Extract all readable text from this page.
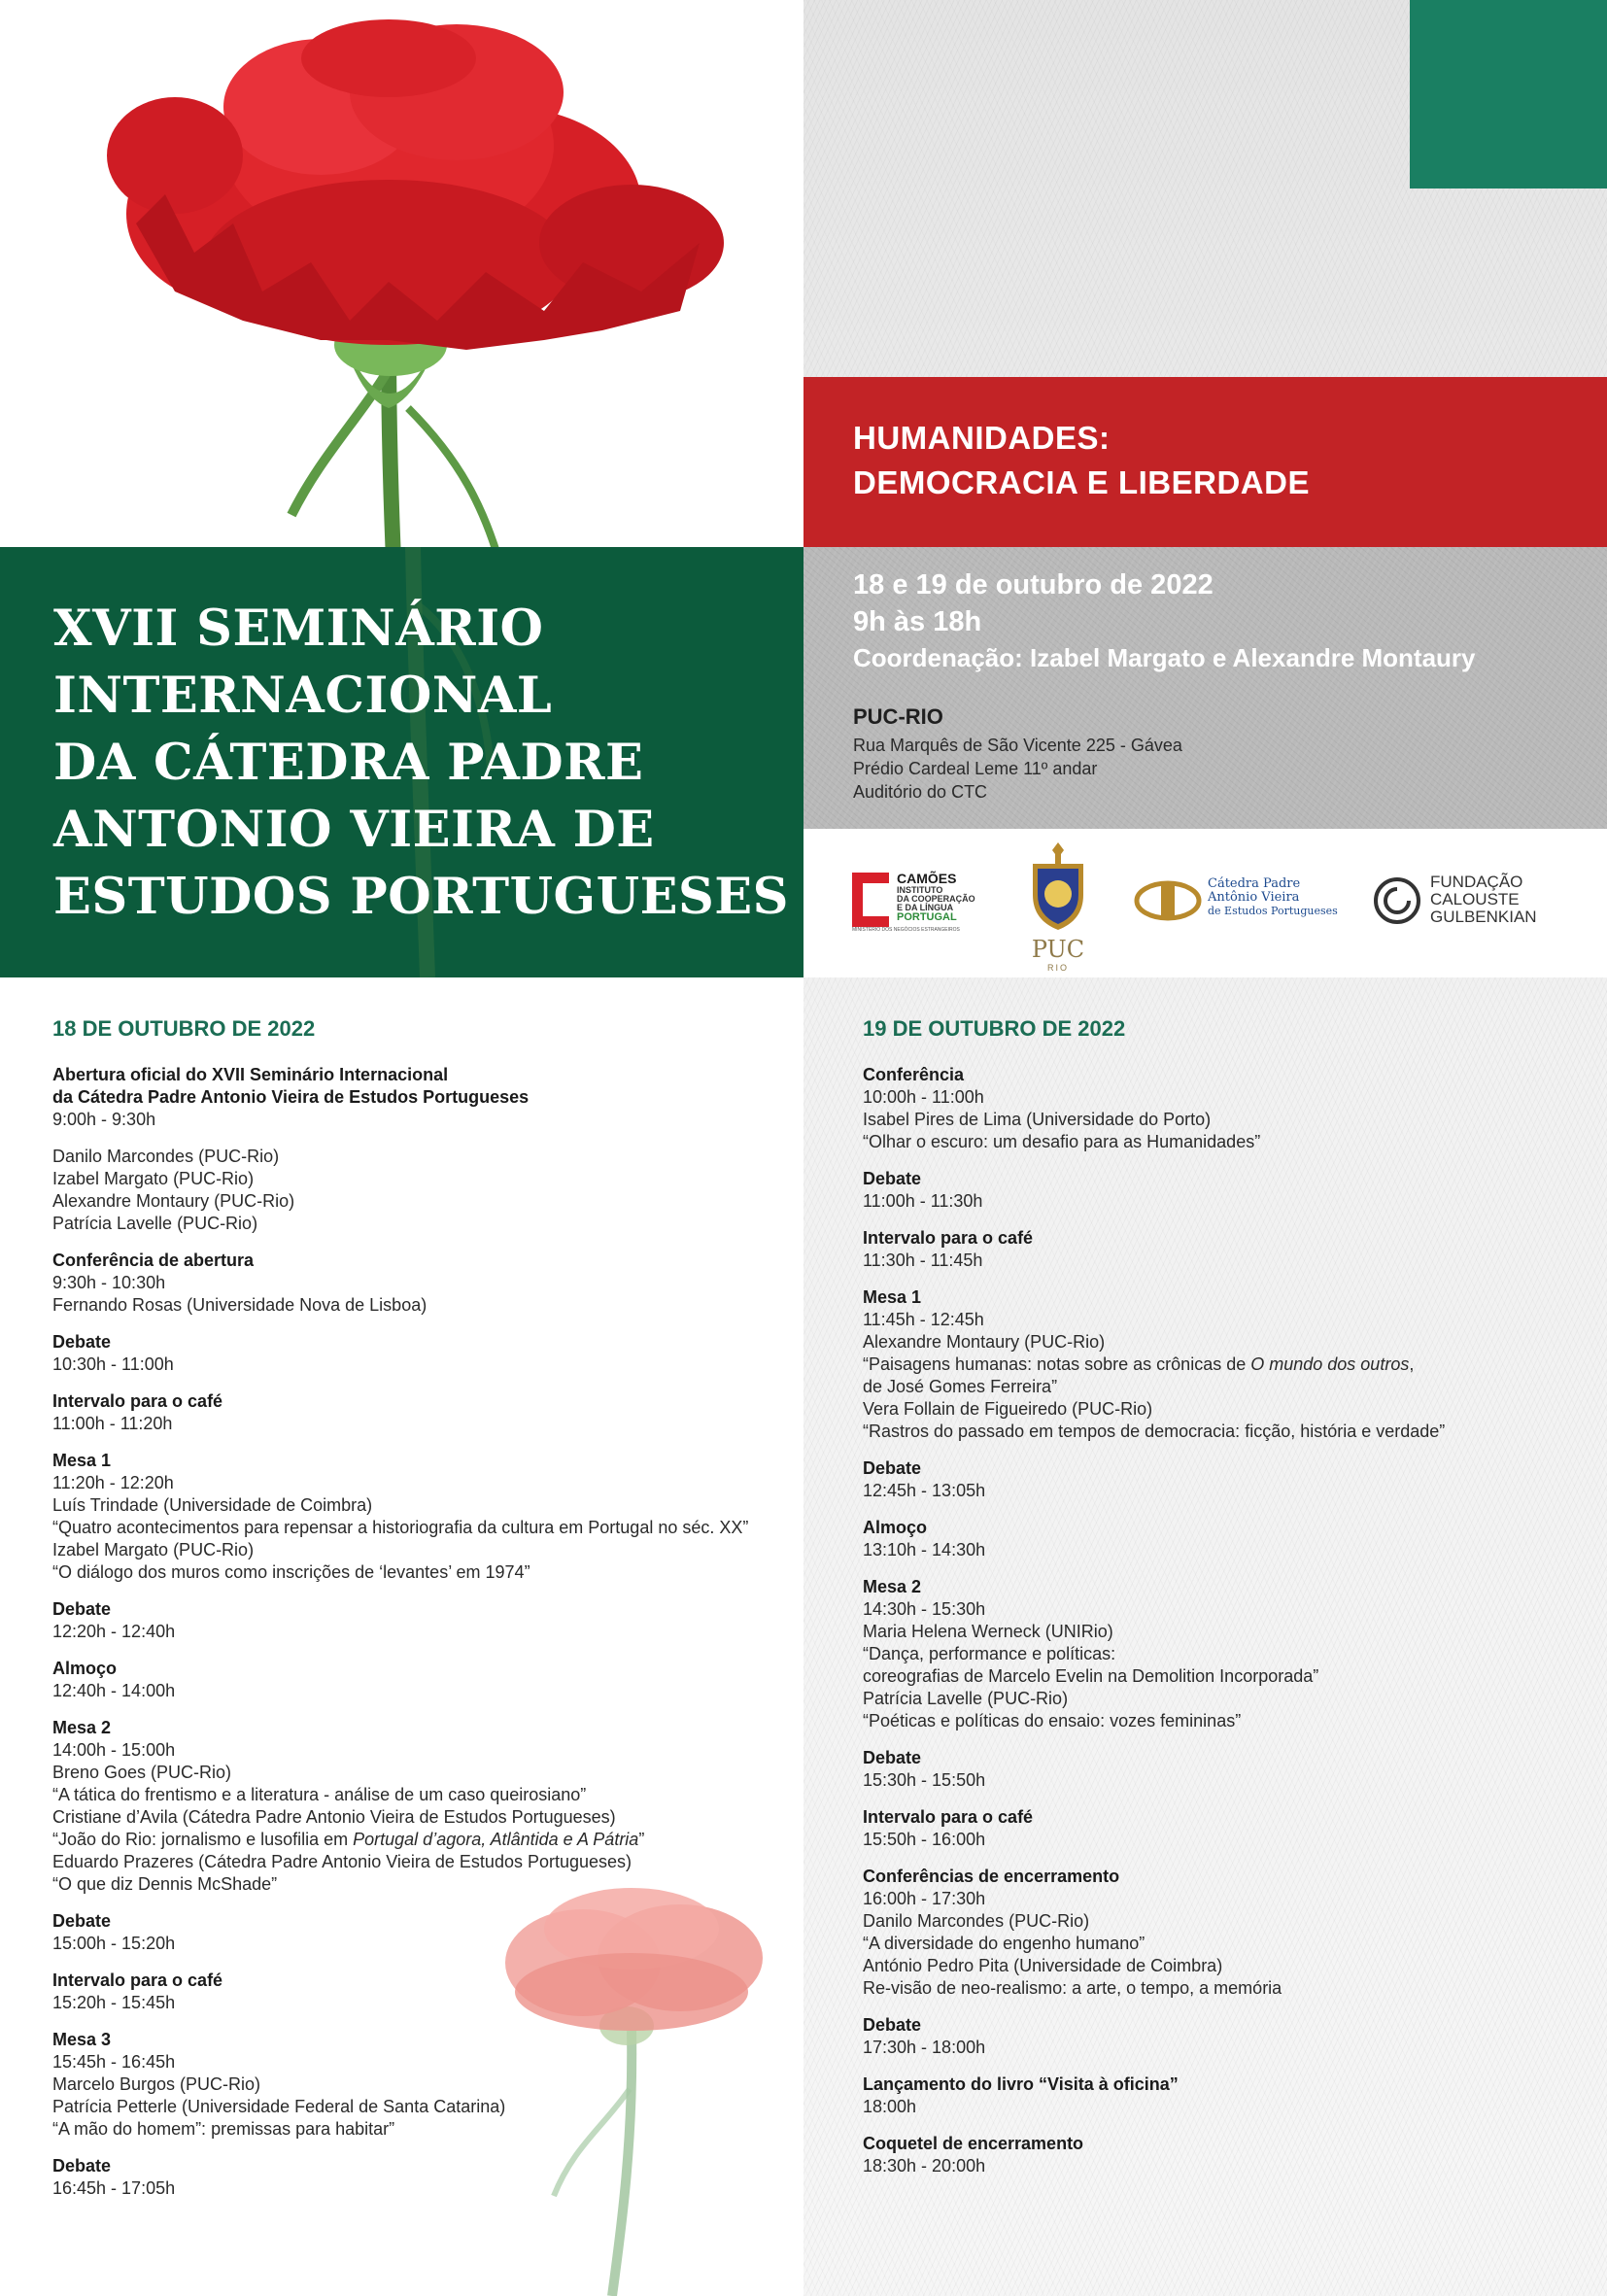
HUMANIDADES:
DEMOCRACIA E LIBERDADE
18 e 19 de outubro de 2022
9h às 18h
Coordenação: Izabel Margato e Alexandre Montaury
PUC-RIO
Rua Marquês de São Vicente 225 - Gávea
Prédio Cardeal Leme 11º andar
Auditório do CTC
CAMÕES
INSTITUTO
DA COOPERAÇÃO
E DA LÍNGUA
PORTUGAL
MINISTÉRIO DOS NEGÓCIOS ESTRANGEIROS
PUC
RIO
Cátedra Padre
Antônio Vieira
de Estudos Portugueses
FUNDAÇÃO
CALOUSTE
GULBENKIAN
XVII SEMINÁRIO
INTERNACIONAL
DA CÁTEDRA PADRE
ANTONIO VIEIRA DE
ESTUDOS PORTUGUESES
18 DE OUTUBRO DE 2022
Abertura oficial do XVII Seminário Internacional
da Cátedra Padre Antonio Vieira de Estudos Portugueses
9:00h - 9:30h
Danilo Marcondes (PUC-Rio)
Izabel Margato (PUC-Rio)
Alexandre Montaury (PUC-Rio)
Patrícia Lavelle (PUC-Rio)
Conferência de abertura
9:30h - 10:30h
Fernando Rosas (Universidade Nova de Lisboa)
Debate
10:30h - 11:00h
Intervalo para o café
11:00h - 11:20h
Mesa 1
11:20h - 12:20h
Luís Trindade (Universidade de Coimbra)
“Quatro acontecimentos para repensar a historiografia da cultura em Portugal no séc. XX”
Izabel Margato (PUC-Rio)
“O diálogo dos muros como inscrições de ‘levantes’ em 1974”
Debate
12:20h - 12:40h
Almoço
12:40h - 14:00h
Mesa 2
14:00h - 15:00h
Breno Goes (PUC-Rio)
“A tática do frentismo e a literatura - análise de um caso queirosiano”
Cristiane d’Avila (Cátedra Padre Antonio Vieira de Estudos Portugueses)
“João do Rio: jornalismo e lusofilia em Portugal d’agora, Atlântida e A Pátria”
Eduardo Prazeres (Cátedra Padre Antonio Vieira de Estudos Portugueses)
“O que diz Dennis McShade”
Debate
15:00h - 15:20h
Intervalo para o café
15:20h - 15:45h
Mesa 3
15:45h - 16:45h
Marcelo Burgos (PUC-Rio)
Patrícia Petterle (Universidade Federal de Santa Catarina)
“A mão do homem”: premissas para habitar”
Debate
16:45h - 17:05h
19 DE OUTUBRO DE 2022
Conferência
10:00h - 11:00h
Isabel Pires de Lima (Universidade do Porto)
“Olhar o escuro: um desafio para as Humanidades”
Debate
11:00h - 11:30h
Intervalo para o café
11:30h - 11:45h
Mesa 1
11:45h - 12:45h
Alexandre Montaury (PUC-Rio)
“Paisagens humanas: notas sobre as crônicas de O mundo dos outros,
de José Gomes Ferreira”
Vera Follain de Figueiredo (PUC-Rio)
“Rastros do passado em tempos de democracia: ficção, história e verdade”
Debate
12:45h - 13:05h
Almoço
13:10h - 14:30h
Mesa 2
14:30h - 15:30h
Maria Helena Werneck (UNIRio)
“Dança, performance e políticas:
coreografias de Marcelo Evelin na Demolition Incorporada”
Patrícia Lavelle (PUC-Rio)
“Poéticas e políticas do ensaio: vozes femininas”
Debate
15:30h - 15:50h
Intervalo para o café
15:50h - 16:00h
Conferências de encerramento
16:00h - 17:30h
Danilo Marcondes (PUC-Rio)
“A diversidade do engenho humano”
António Pedro Pita (Universidade de Coimbra)
Re-visão de neo-realismo: a arte, o tempo, a memória
Debate
17:30h - 18:00h
Lançamento do livro “Visita à oficina”
18:00h
Coquetel de encerramento
18:30h - 20:00h
